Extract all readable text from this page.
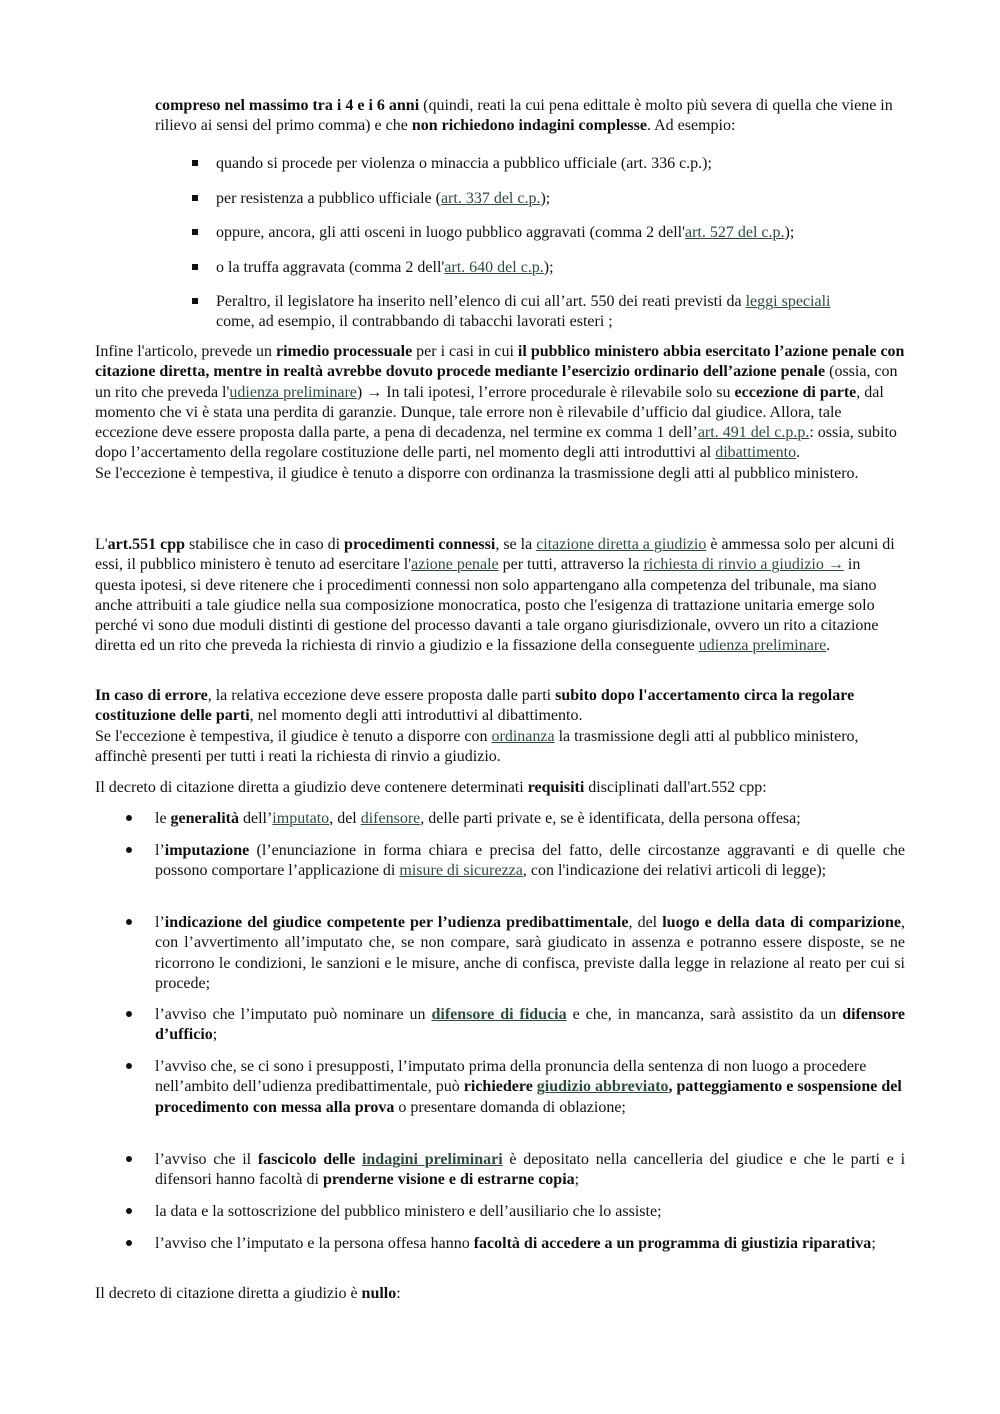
compreso nel massimo tra i 4 e i 6 anni (quindi, reati la cui pena edittale è molto più severa di quella che viene in rilievo ai sensi del primo comma) e che non richiedono indagini complesse. Ad esempio:

quando si procede per violenza o minaccia a pubblico ufficiale (art. 336 c.p.);

per resistenza a pubblico ufficiale (art. 337 del c.p.);

oppure, ancora, gli atti osceni in luogo pubblico aggravati (comma 2 dell'art. 527 del c.p.);

o la truffa aggravata (comma 2 dell'art. 640 del c.p.);

Peraltro, il legislatore ha inserito nell’elenco di cui all’art. 550 dei reati previsti da leggi speciali come, ad esempio, il contrabbando di tabacchi lavorati esteri ;

Infine l'articolo, prevede un rimedio processuale per i casi in cui il pubblico ministero abbia esercitato l’azione penale con citazione diretta, mentre in realtà avrebbe dovuto procede mediante l’esercizio ordinario dell’azione penale (ossia, con un rito che preveda l'udienza preliminare) → In tali ipotesi, l’errore procedurale è rilevabile solo su eccezione di parte, dal momento che vi è stata una perdita di garanzie. Dunque, tale errore non è rilevabile d’ufficio dal giudice. Allora, tale eccezione deve essere proposta dalla parte, a pena di decadenza, nel termine ex comma 1 dell’art. 491 del c.p.p.: ossia, subito dopo l’accertamento della regolare costituzione delle parti, nel momento degli atti introduttivi al dibattimento.
Se l'eccezione è tempestiva, il giudice è tenuto a disporre con ordinanza la trasmissione degli atti al pubblico ministero.

L'art.551 cpp stabilisce che in caso di procedimenti connessi, se la citazione diretta a giudizio è ammessa solo per alcuni di essi, il pubblico ministero è tenuto ad esercitare l'azione penale per tutti, attraverso la richiesta di rinvio a giudizio → in questa ipotesi, si deve ritenere che i procedimenti connessi non solo appartengano alla competenza del tribunale, ma siano anche attribuiti a tale giudice nella sua composizione monocratica, posto che l'esigenza di trattazione unitaria emerge solo perché vi sono due moduli distinti di gestione del processo davanti a tale organo giurisdizionale, ovvero un rito a citazione diretta ed un rito che preveda la richiesta di rinvio a giudizio e la fissazione della conseguente udienza preliminare.

In caso di errore, la relativa eccezione deve essere proposta dalle parti subito dopo l'accertamento circa la regolare costituzione delle parti, nel momento degli atti introduttivi al dibattimento.
Se l'eccezione è tempestiva, il giudice è tenuto a disporre con ordinanza la trasmissione degli atti al pubblico ministero, affinchè presenti per tutti i reati la richiesta di rinvio a giudizio.

Il decreto di citazione diretta a giudizio deve contenere determinati requisiti disciplinati dall'art.552 cpp:

le generalità dell’imputato, del difensore, delle parti private e, se è identificata, della persona offesa;

l’imputazione (l’enunciazione in forma chiara e precisa del fatto, delle circostanze aggravanti e di quelle che possono comportare l’applicazione di misure di sicurezza, con l'indicazione dei relativi articoli di legge);

l’indicazione del giudice competente per l’udienza predibattimentale, del luogo e della data di comparizione, con l’avvertimento all’imputato che, se non compare, sarà giudicato in assenza e potranno essere disposte, se ne ricorrono le condizioni, le sanzioni e le misure, anche di confisca, previste dalla legge in relazione al reato per cui si procede;

l’avviso che l’imputato può nominare un difensore di fiducia e che, in mancanza, sarà assistito da un difensore d’ufficio;

l’avviso che, se ci sono i presupposti, l’imputato prima della pronuncia della sentenza di non luogo a procedere nell’ambito dell’udienza predibattimentale, può richiedere giudizio abbreviato, patteggiamento e sospensione del procedimento con messa alla prova o presentare domanda di oblazione;

l’avviso che il fascicolo delle indagini preliminari è depositato nella cancelleria del giudice e che le parti e i difensori hanno facoltà di prenderne visione e di estrarne copia;

la data e la sottoscrizione del pubblico ministero e dell’ausiliario che lo assiste;

l’avviso che l’imputato e la persona offesa hanno facoltà di accedere a un programma di giustizia riparativa;

Il decreto di citazione diretta a giudizio è nullo:
